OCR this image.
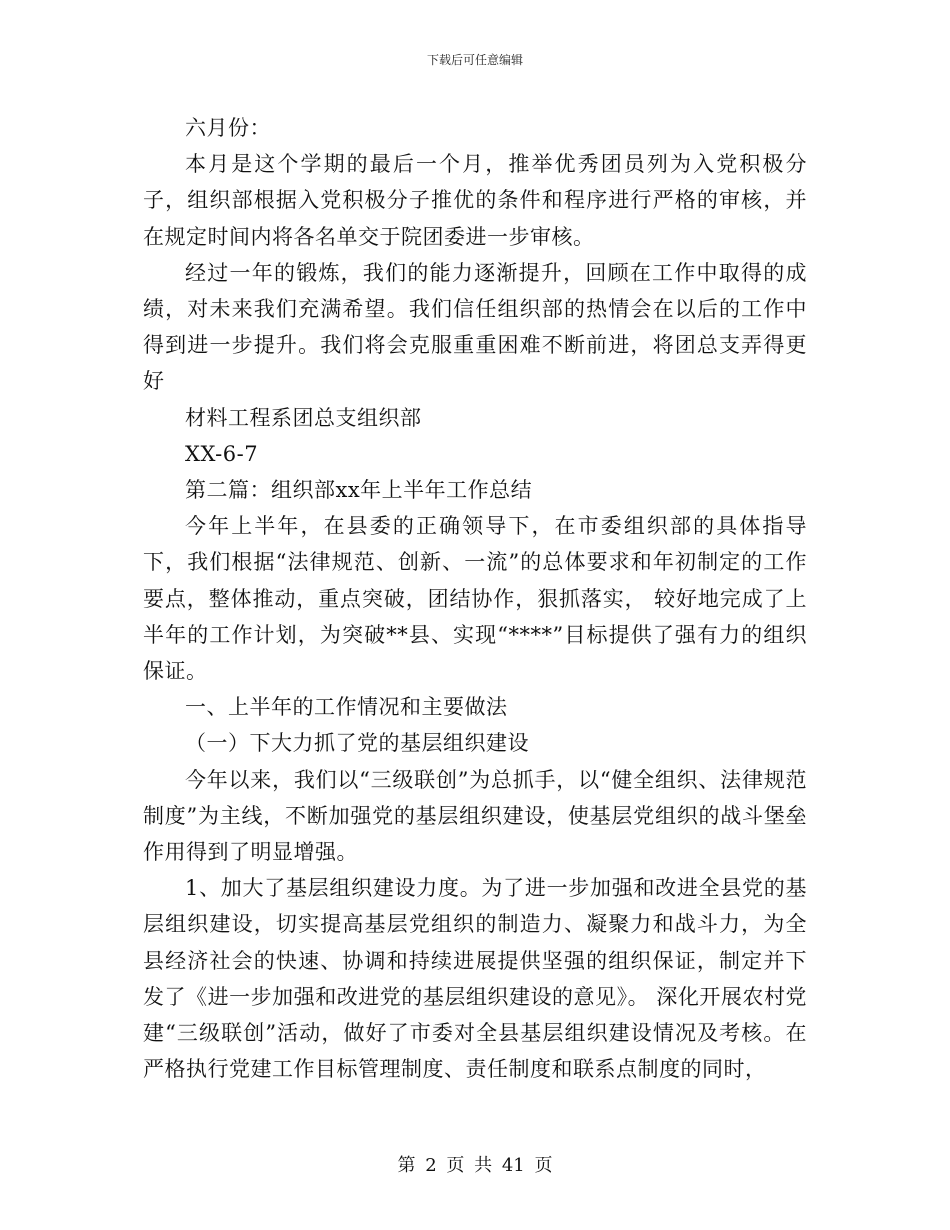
下载后可任意编辑

六月份：

本月是这个学期的最后一个月，推举优秀团员列为入党积极分子，组织部根据入党积极分子推优的条件和程序进行严格的审核，并在规定时间内将各名单交于院团委进一步审核。

经过一年的锻炼，我们的能力逐渐提升，回顾在工作中取得的成绩，对未来我们充满希望。我们信任组织部的热情会在以后的工作中得到进一步提升。我们将会克服重重困难不断前进，将团总支弄得更好

材料工程系团总支组织部

XX-6-7

第二篇：组织部xx年上半年工作总结

今年上半年，在县委的正确领导下，在市委组织部的具体指导下，我们根据“法律规范、创新、一流”的总体要求和年初制定的工作要点，整体推动，重点突破，团结协作，狠抓落实， 较好地完成了上半年的工作计划，为突破**县、实现“****”目标提供了强有力的组织保证。

一、上半年的工作情况和主要做法

（一）下大力抓了党的基层组织建设

今年以来，我们以“三级联创”为总抓手，以“健全组织、法律规范制度”为主线，不断加强党的基层组织建设，使基层党组织的战斗堡垒作用得到了明显增强。

1、加大了基层组织建设力度。为了进一步加强和改进全县党的基层组织建设，切实提高基层党组织的制造力、凝聚力和战斗力，为全县经济社会的快速、协调和持续进展提供坚强的组织保证，制定并下发了《进一步加强和改进党的基层组织建设的意见》。 深化开展农村党建“三级联创”活动，做好了市委对全县基层组织建设情况及考核。在严格执行党建工作目标管理制度、责任制度和联系点制度的同时，

第 2 页 共 41 页
